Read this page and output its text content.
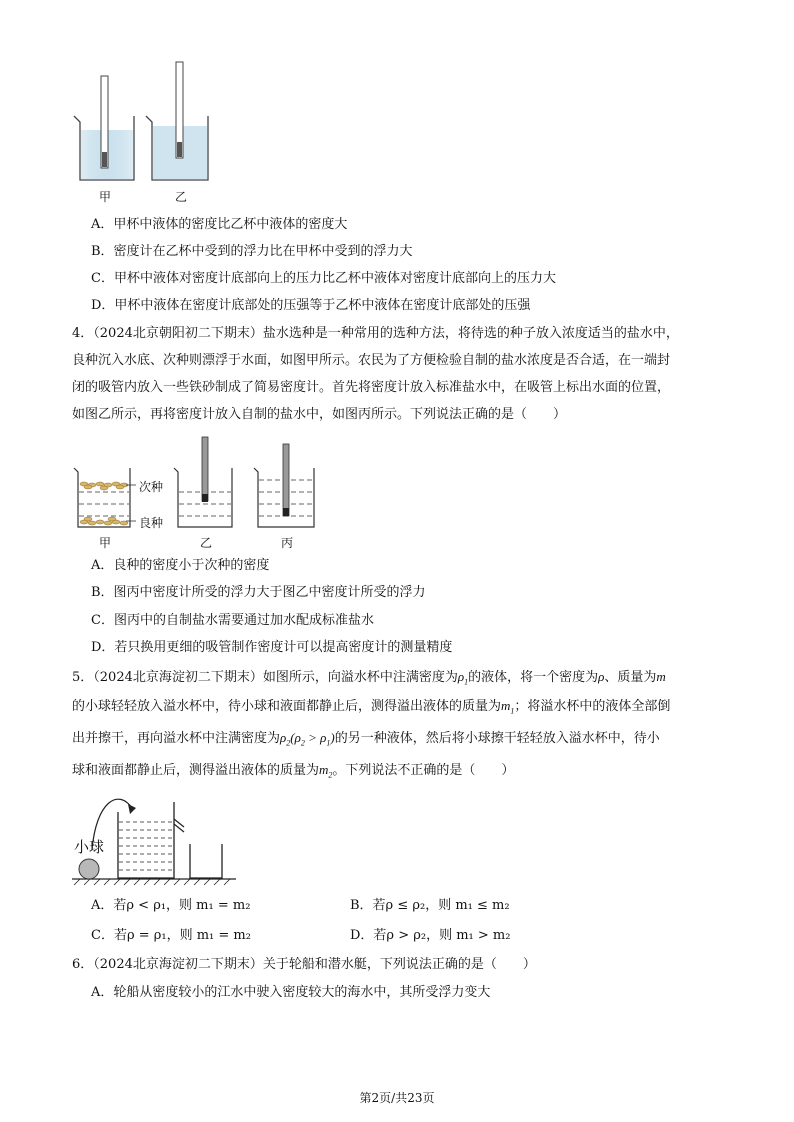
甲	乙
A．甲杯中液体的密度比乙杯中液体的密度大
B．密度计在乙杯中受到的浮力比在甲杯中受到的浮力大
C．甲杯中液体对密度计底部向上的压力比乙杯中液体对密度计底部向上的压力大
D．甲杯中液体在密度计底部处的压强等于乙杯中液体在密度计底部处的压强
4．（2024北京朝阳初二下期末）盐水选种是一种常用的选种方法，将待选的种子放入浓度适当的盐水中，
良种沉入水底、次种则漂浮于水面，如图甲所示。农民为了方便检验自制的盐水浓度是否合适，在一端封
闭的吸管内放入一些铁砂制成了简易密度计。首先将密度计放入标准盐水中，在吸管上标出水面的位置，
如图乙所示，再将密度计放入自制的盐水中，如图丙所示。下列说法正确的是（　　）
次种
良种
甲	乙	丙
A．良种的密度小于次种的密度
B．图丙中密度计所受的浮力大于图乙中密度计所受的浮力
C．图丙中的自制盐水需要通过加水配成标准盐水
D．若只换用更细的吸管制作密度计可以提高密度计的测量精度
5．（2024北京海淀初二下期末）如图所示，向溢水杯中注满密度为$\rho_1$的液体，将一个密度为ρ、质量为m
的小球轻轻放入溢水杯中，待小球和液面都静止后，测得溢出液体的质量为$m_1$；将溢水杯中的液体全部倒
出并擦干，再向溢水杯中注满密度为$\rho_2(\rho_2 > \rho_1)$的另一种液体，然后将小球擦干轻轻放入溢水杯中，待小
球和液面都静止后，测得溢出液体的质量为$m_2$。下列说法不正确的是（　　）
小球
A．若ρ < ρ₁，则 m₁ = m₂	B．若ρ ≤ ρ₂，则 m₁ ≤ m₂
C．若ρ = ρ₁，则 m₁ = m₂	D．若ρ > ρ₂，则 m₁ > m₂
6．（2024北京海淀初二下期末）关于轮船和潜水艇，下列说法正确的是（　　）
A．轮船从密度较小的江水中驶入密度较大的海水中，其所受浮力变大
第2页/共23页
